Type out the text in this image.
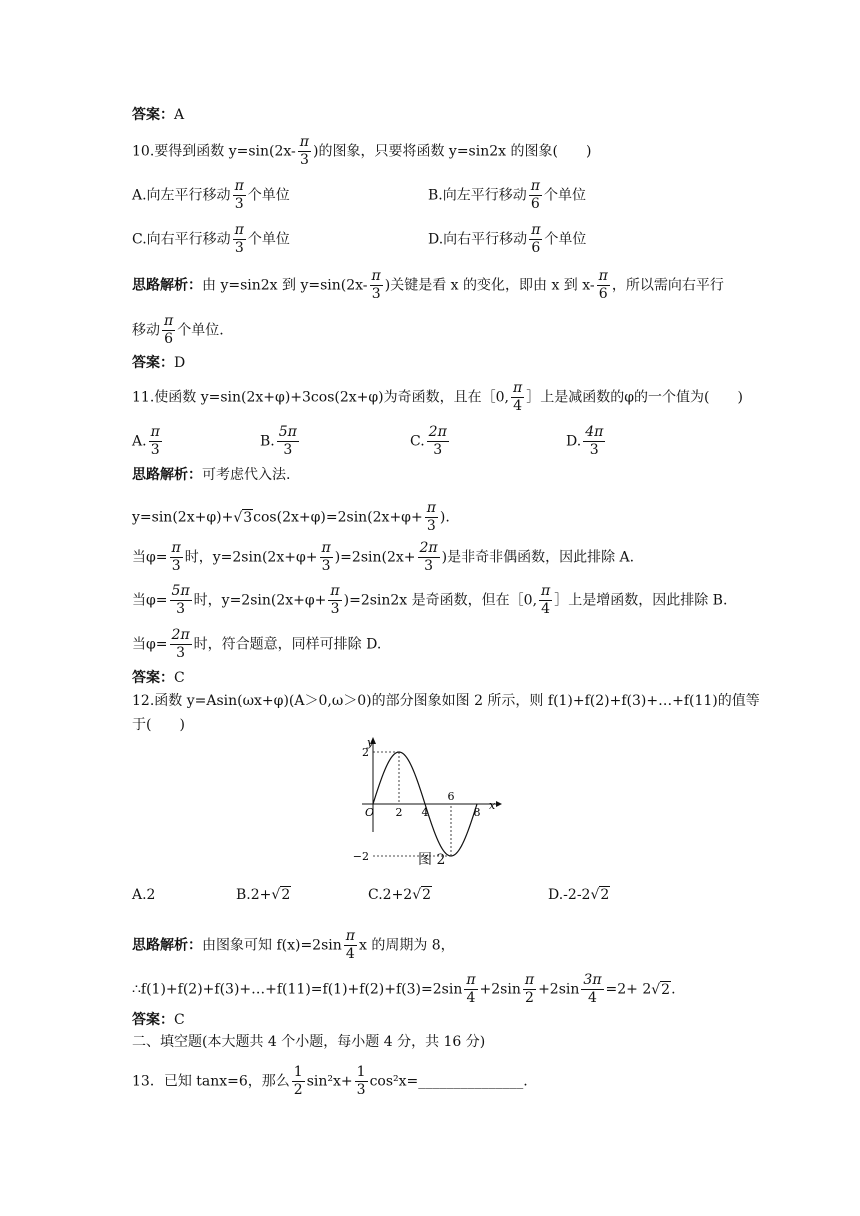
答案：A
10.要得到函数 $y=\sin(2x- \frac{\pi}{3}$ )的图象，只要将函数 y=sin2x 的图象(　　)
A.向左平行移动 $\frac{\pi}{3}$ 个单位	B.向左平行移动 $\frac{\pi}{6}$ 个单位
C.向右平行移动 $\frac{\pi}{3}$ 个单位	D.向右平行移动 $\frac{\pi}{6}$ 个单位
思路解析：由 y=sin2x 到 $y=\sin(2x- \frac{\pi}{3}$ )关键是看 x 的变化，即由 x 到 $x- \frac{\pi}{6}$ ，所以需向右平行
移动 $\frac{\pi}{6}$ 个单位.
答案：D
11.使函数 y=sin(2x+φ)+3cos(2x+φ)为奇函数，且在［0, $\frac{\pi}{4}$ ］上是减函数的φ的一个值为(　　)
A. $\frac{\pi}{3}$	B. $\frac{5\pi}{3}$	C. $\frac{2\pi}{3}$	D. $\frac{4\pi}{3}$
思路解析：可考虑代入法.
$y=\sin(2x+\varphi)+√3\cos(2x+\varphi)=2\sin(2x+\varphi+ \frac{\pi}{3}$ ).
当$\varphi= \frac{\pi}{3}$ 时，$y=2\sin(2x+\varphi+ \frac{\pi}{3} )=2\sin(2x+ \frac{2\pi}{3}$ )是非奇非偶函数，因此排除 A.
当$\varphi= \frac{5\pi}{3}$ 时，$y=2\sin(2x+\varphi+ \frac{\pi}{3} )=2\sin 2x$ 是奇函数，但在［0, $\frac{\pi}{4}$ ］上是增函数，因此排除 B.
当$\varphi= \frac{2\pi}{3}$ 时，符合题意，同样可排除 D.
答案：C
12.函数 y=Asin(ωx+φ)(A＞0,ω＞0)的部分图象如图 2 所示，则 f(1)+f(2)+f(3)+…+f(11)的值等
于(　　)
2 4
6
8
2
−2
y
x
O
图 2
A.2	B.2+√2	C.2+2√2	D.-2-2√2
思路解析：由图象可知 $f(x)=2\sin \frac{\pi}{4}$ x 的周期为 8，
∴f(1)+f(2)+f(3)+…+f(11)=f(1)+f(2)+f(3)=2sin $\frac{\pi}{4} +2\sin \frac{\pi}{2} +2\sin \frac{3\pi}{4} =2+ 2√2$.
答案：C
二、填空题(本大题共 4 个小题，每小题 4 分，共 16 分)
13．已知 tanx=6，那么 $\frac{1}{2} \sin^2x+ \frac{1}{3}$ cos²x=_______________.
